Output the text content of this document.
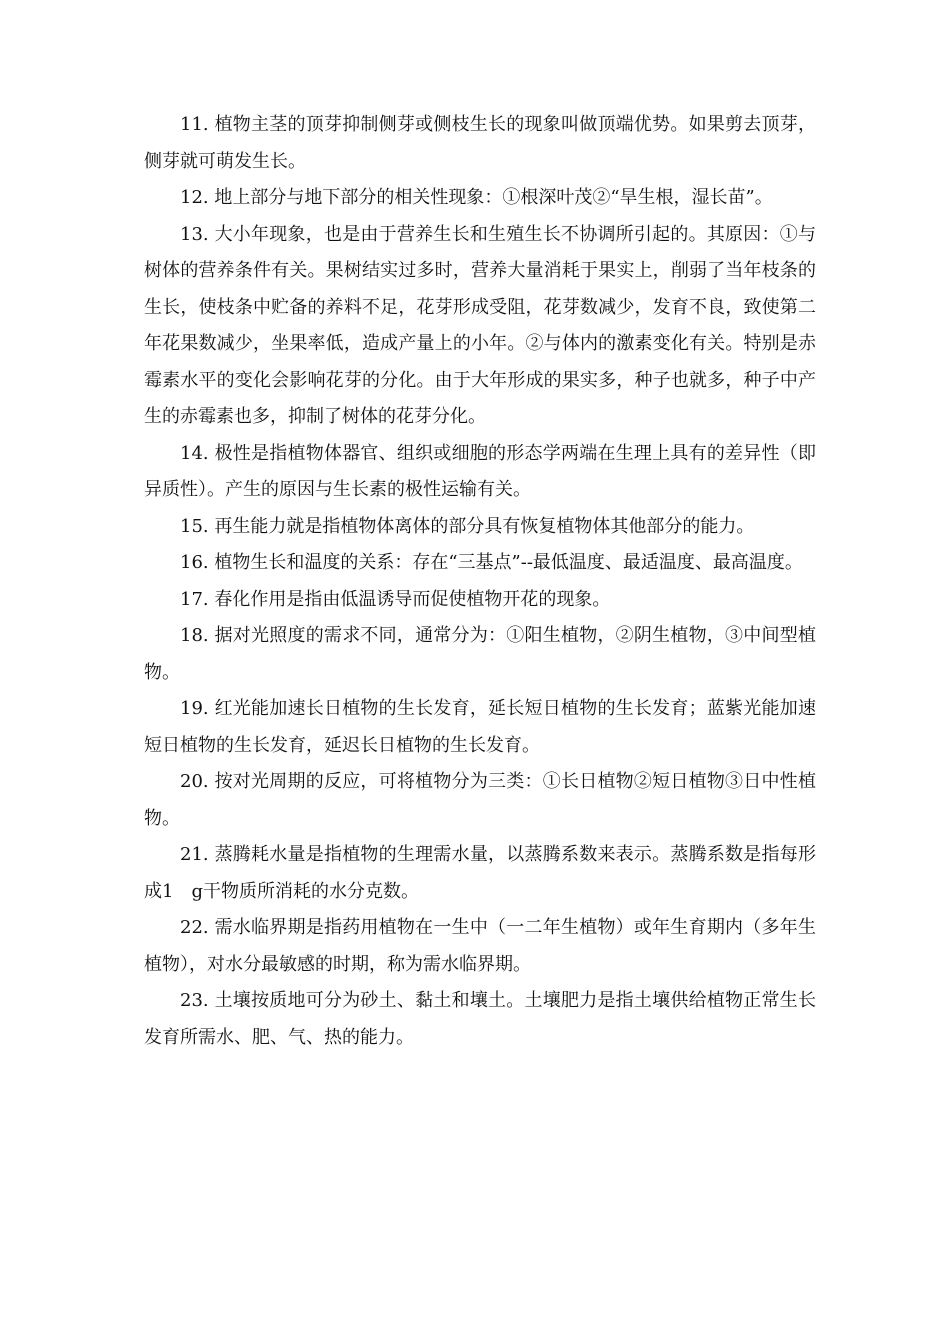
11. 植物主茎的顶芽抑制侧芽或侧枝生长的现象叫做顶端优势。如果剪去顶芽，侧芽就可萌发生长。

12. 地上部分与地下部分的相关性现象：①根深叶茂②“旱生根，湿长苗”。

13. 大小年现象，也是由于营养生长和生殖生长不协调所引起的。其原因：①与树体的营养条件有关。果树结实过多时，营养大量消耗于果实上，削弱了当年枝条的生长，使枝条中贮备的养料不足，花芽形成受阻，花芽数减少，发育不良，致使第二年花果数减少，坐果率低，造成产量上的小年。②与体内的激素变化有关。特别是赤霉素水平的变化会影响花芽的分化。由于大年形成的果实多，种子也就多，种子中产生的赤霉素也多，抑制了树体的花芽分化。

14. 极性是指植物体器官、组织或细胞的形态学两端在生理上具有的差异性（即异质性）。产生的原因与生长素的极性运输有关。

15. 再生能力就是指植物体离体的部分具有恢复植物体其他部分的能力。

16. 植物生长和温度的关系：存在“三基点”--最低温度、最适温度、最高温度。

17. 春化作用是指由低温诱导而促使植物开花的现象。

18. 据对光照度的需求不同，通常分为：①阳生植物，②阴生植物，③中间型植物。

19. 红光能加速长日植物的生长发育，延长短日植物的生长发育；蓝紫光能加速短日植物的生长发育，延迟长日植物的生长发育。

20. 按对光周期的反应，可将植物分为三类：①长日植物②短日植物③日中性植物。

21. 蒸腾耗水量是指植物的生理需水量，以蒸腾系数来表示。蒸腾系数是指每形成1　g干物质所消耗的水分克数。

22. 需水临界期是指药用植物在一生中（一二年生植物）或年生育期内（多年生植物），对水分最敏感的时期，称为需水临界期。

23. 土壤按质地可分为砂土、黏土和壤土。土壤肥力是指土壤供给植物正常生长发育所需水、肥、气、热的能力。
